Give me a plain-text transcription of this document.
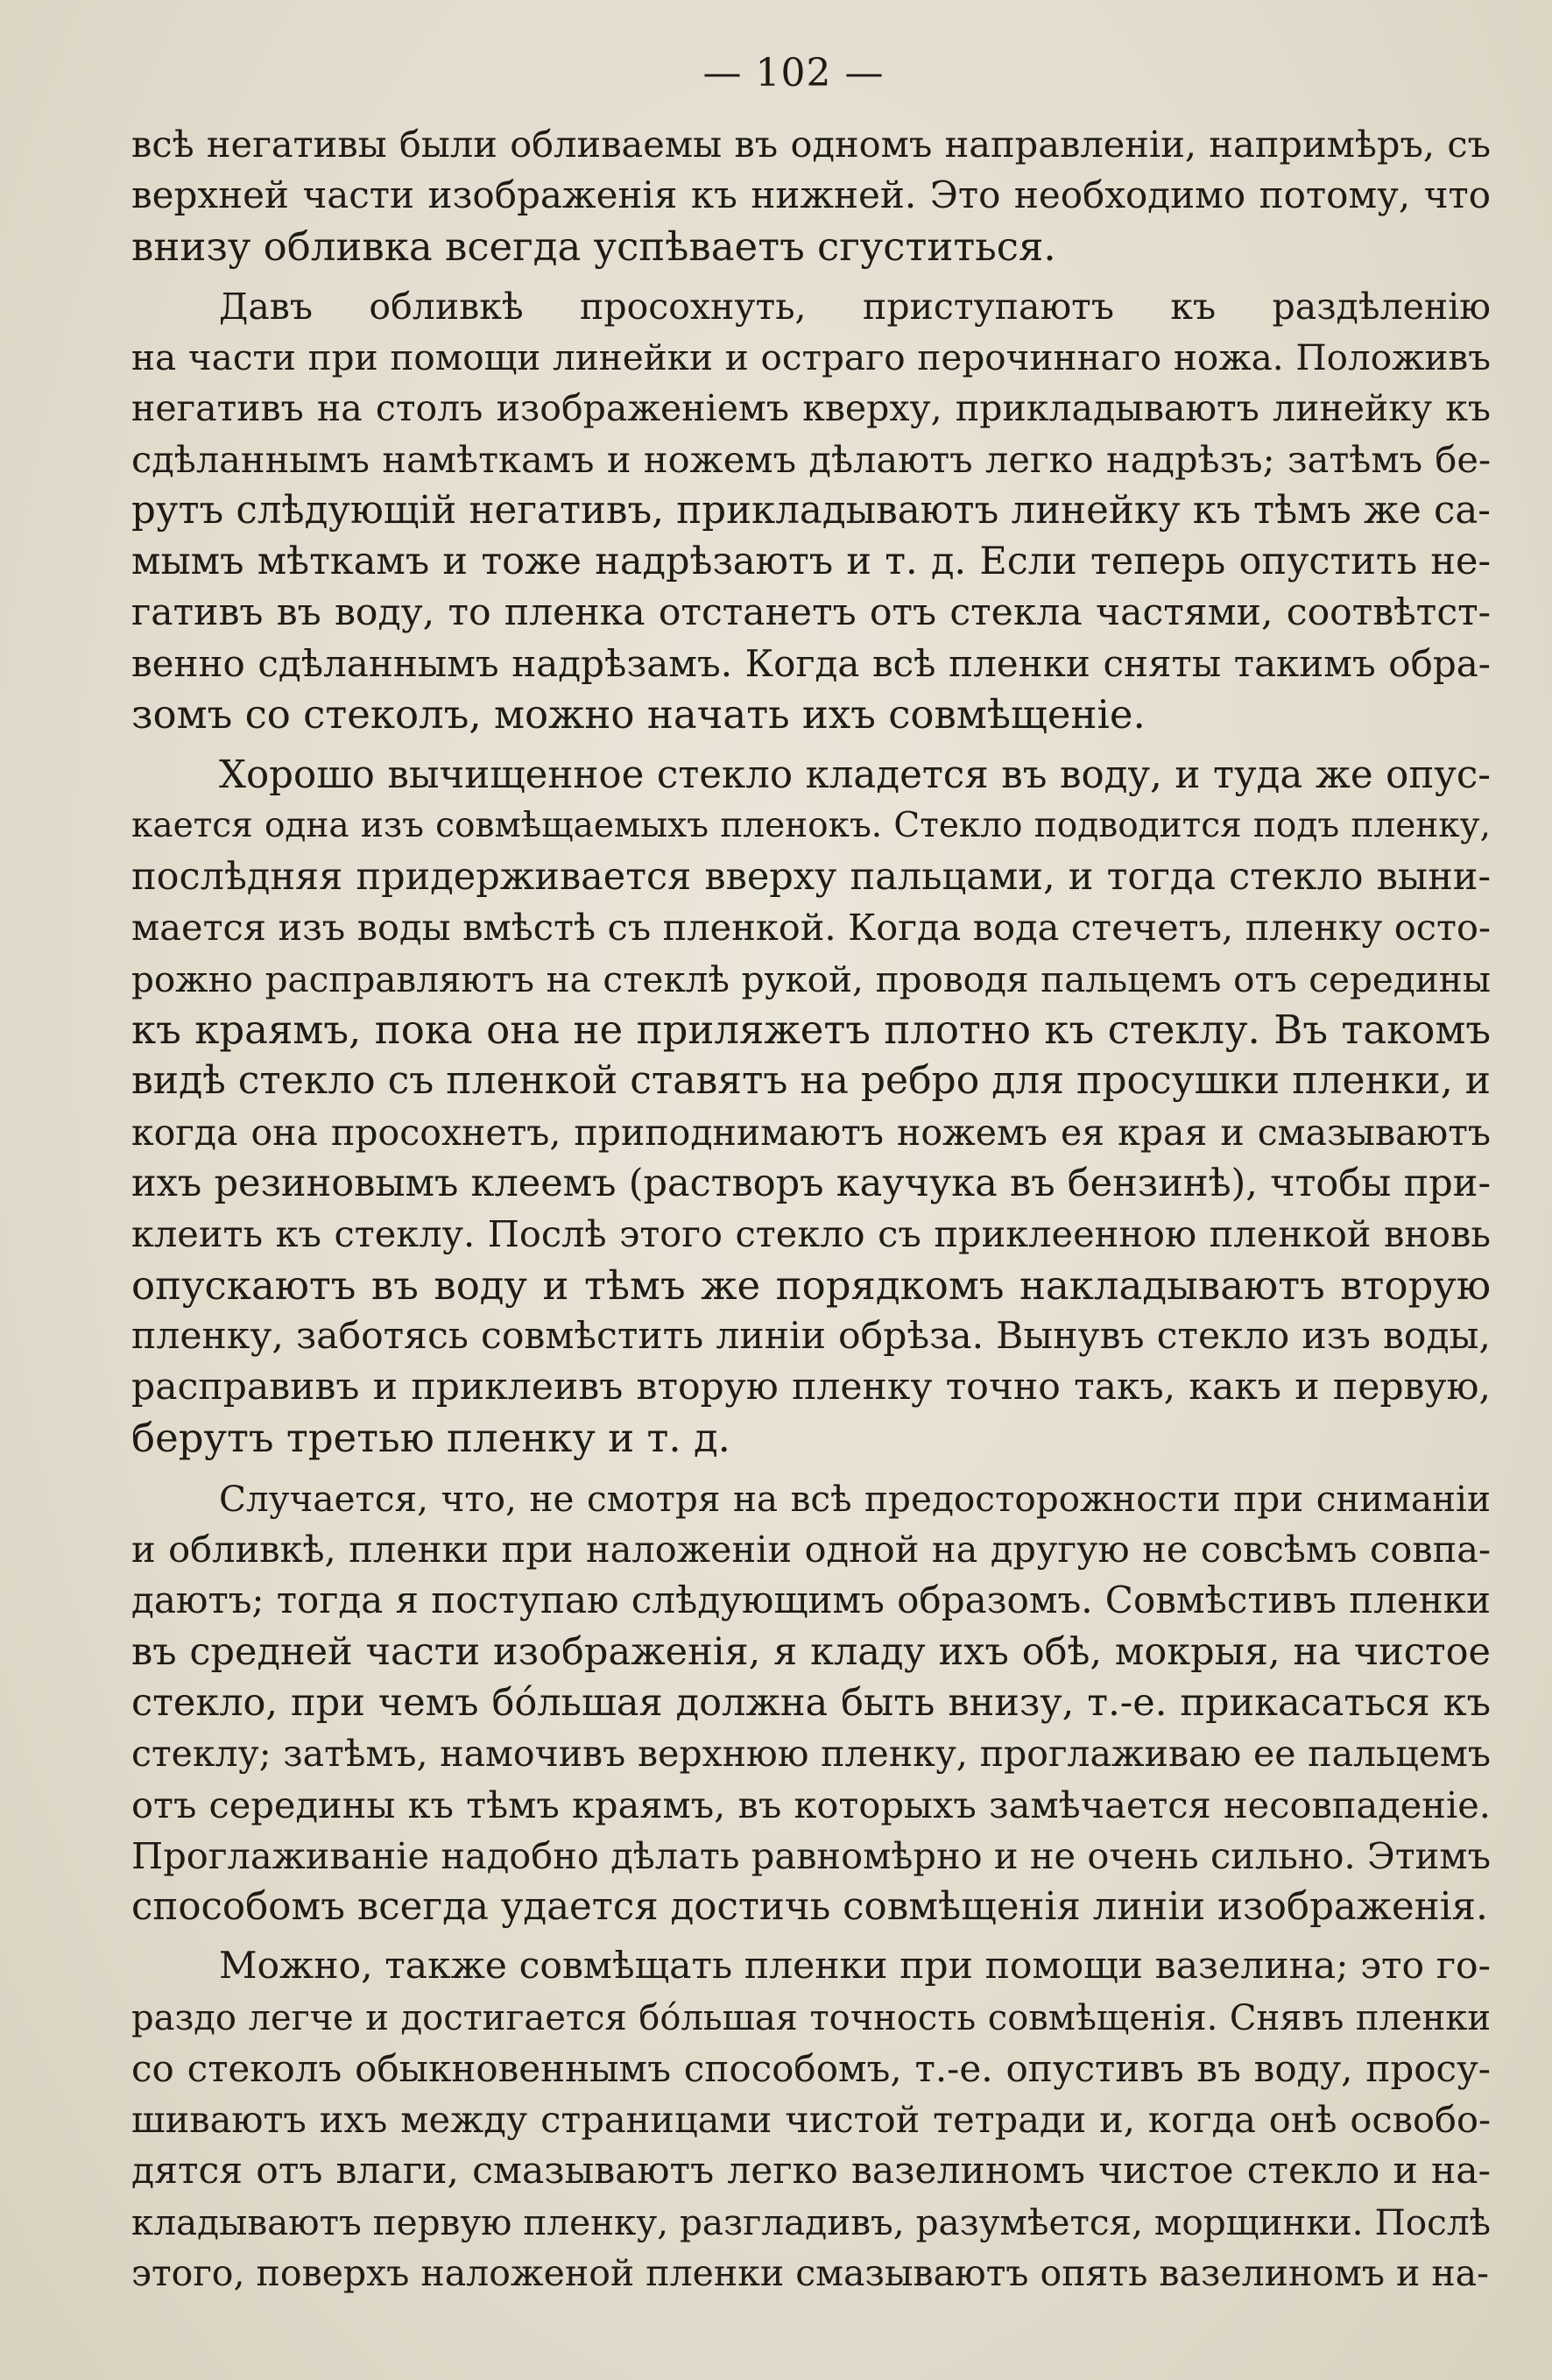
— 102 —
всѣ негативы были обливаемы въ одномъ направленіи, напримѣръ, съ
верхней части изображенія къ нижней. Это необходимо потому, что
внизу обливка всегда успѣваетъ сгуститься.
Давъ обливкѣ просохнуть, приступаютъ къ раздѣленію
на части при помощи линейки и остраго перочиннаго ножа. Положивъ
негативъ на столъ изображеніемъ кверху, прикладываютъ линейку къ
сдѣланнымъ намѣткамъ и ножемъ дѣлаютъ легко надрѣзъ; затѣмъ бе-
рутъ слѣдующій негативъ, прикладываютъ линейку къ тѣмъ же са-
мымъ мѣткамъ и тоже надрѣзаютъ и т. д. Если теперь опустить не-
гативъ въ воду, то пленка отстанетъ отъ стекла частями, соотвѣтст-
венно сдѣланнымъ надрѣзамъ. Когда всѣ пленки сняты такимъ обра-
зомъ со стеколъ, можно начать ихъ совмѣщеніе.
Хорошо вычищенное стекло кладется въ воду, и туда же опус-
кается одна изъ совмѣщаемыхъ пленокъ. Стекло подводится подъ пленку,
послѣдняя придерживается вверху пальцами, и тогда стекло выни-
мается изъ воды вмѣстѣ съ пленкой. Когда вода стечетъ, пленку осто-
рожно расправляютъ на стеклѣ рукой, проводя пальцемъ отъ середины
къ краямъ, пока она не приляжетъ плотно къ стеклу. Въ такомъ
видѣ стекло съ пленкой ставятъ на ребро для просушки пленки, и
когда она просохнетъ, приподнимаютъ ножемъ ея края и смазываютъ
ихъ резиновымъ клеемъ (растворъ каучука въ бензинѣ), чтобы при-
клеить къ стеклу. Послѣ этого стекло съ приклеенною пленкой вновь
опускаютъ въ воду и тѣмъ же порядкомъ накладываютъ вторую
пленку, заботясь совмѣстить линіи обрѣза. Вынувъ стекло изъ воды,
расправивъ и приклеивъ вторую пленку точно такъ, какъ и первую,
берутъ третью пленку и т. д.
Случается, что, не смотря на всѣ предосторожности при сниманіи
и обливкѣ, пленки при наложеніи одной на другую не совсѣмъ совпа-
даютъ; тогда я поступаю слѣдующимъ образомъ. Совмѣстивъ пленки
въ средней части изображенія, я кладу ихъ обѣ, мокрыя, на чистое
стекло, при чемъ бóльшая должна быть внизу, т.-е. прикасаться къ
стеклу; затѣмъ, намочивъ верхнюю пленку, проглаживаю ее пальцемъ
отъ середины къ тѣмъ краямъ, въ которыхъ замѣчается несовпаденіе.
Проглаживаніе надобно дѣлать равномѣрно и не очень сильно. Этимъ
способомъ всегда удается достичь совмѣщенія линіи изображенія.
Можно, также совмѣщать пленки при помощи вазелина; это го-
раздо легче и достигается бóльшая точность совмѣщенія. Снявъ пленки
со стеколъ обыкновеннымъ способомъ, т.-е. опустивъ въ воду, просу-
шиваютъ ихъ между страницами чистой тетради и, когда онѣ освобо-
дятся отъ влаги, смазываютъ легко вазелиномъ чистое стекло и на-
кладываютъ первую пленку, разгладивъ, разумѣется, морщинки. Послѣ
этого, поверхъ наложеной пленки смазываютъ опять вазелиномъ и на-
